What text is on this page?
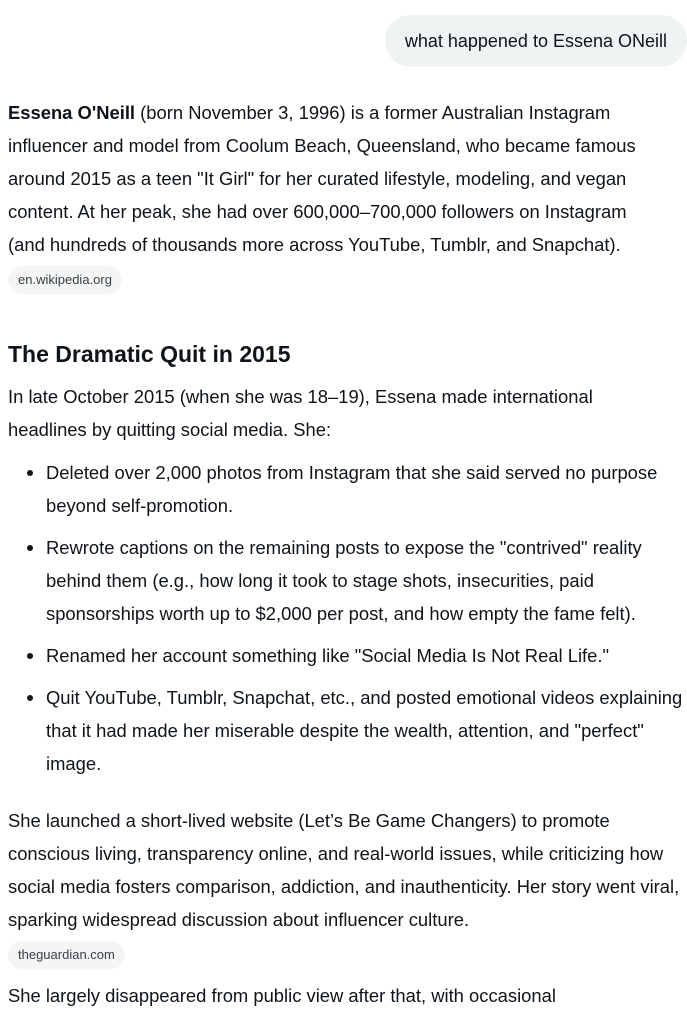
what happened to Essena ONeill

Essena O'Neill (born November 3, 1996) is a former Australian Instagram influencer and model from Coolum Beach, Queensland, who became famous around 2015 as a teen "It Girl" for her curated lifestyle, modeling, and vegan content. At her peak, she had over 600,000–700,000 followers on Instagram (and hundreds of thousands more across YouTube, Tumblr, and Snapchat).

en.wikipedia.org
The Dramatic Quit in 2015

In late October 2015 (when she was 18–19), Essena made international headlines by quitting social media. She:

Deleted over 2,000 photos from Instagram that she said served no purpose beyond self-promotion.
Rewrote captions on the remaining posts to expose the "contrived" reality behind them (e.g., how long it took to stage shots, insecurities, paid sponsorships worth up to $2,000 per post, and how empty the fame felt).
Renamed her account something like "Social Media Is Not Real Life."
Quit YouTube, Tumblr, Snapchat, etc., and posted emotional videos explaining that it had made her miserable despite the wealth, attention, and "perfect" image.

She launched a short-lived website (Let’s Be Game Changers) to promote conscious living, transparency online, and real-world issues, while criticizing how social media fosters comparison, addiction, and inauthenticity. Her story went viral, sparking widespread discussion about influencer culture.

theguardian.com

She largely disappeared from public view after that, with occasional
